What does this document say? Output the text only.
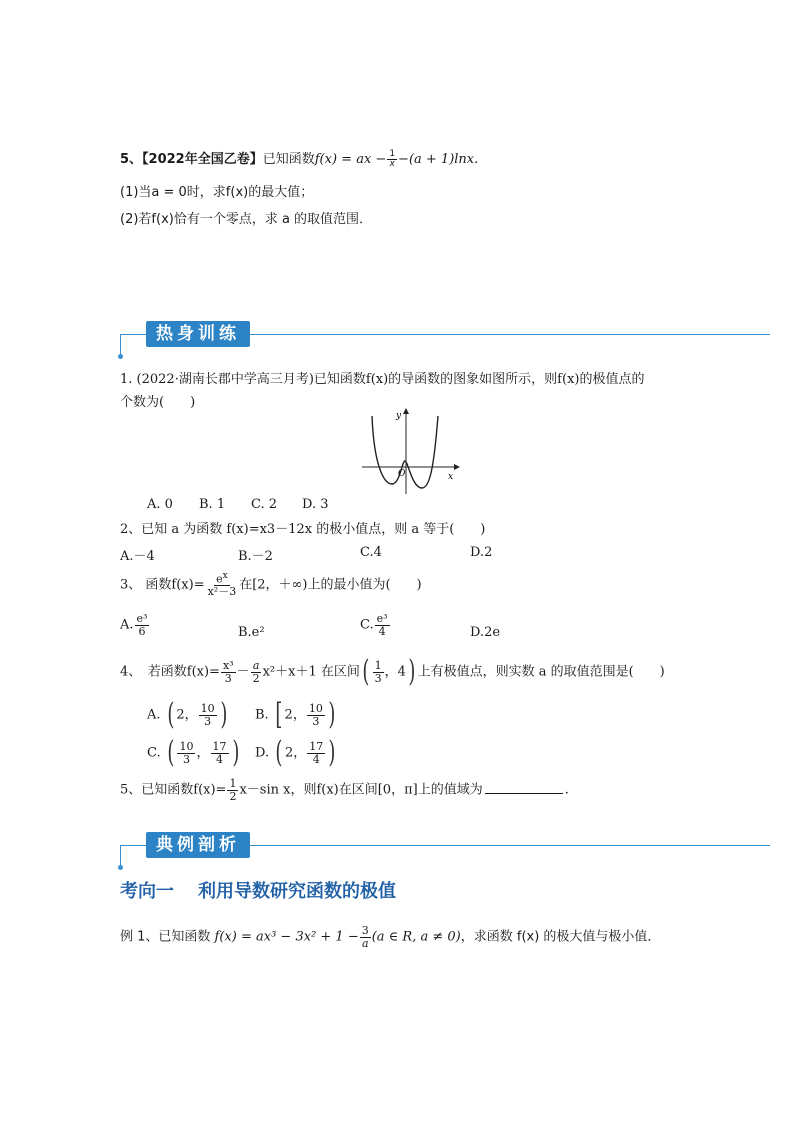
5、【2022年全国乙卷】已知函数f(x) = ax − $\frac{1}{x} -(a + 1)\ln x$.
(1)当a = 0时，求f(x)的最大值；
(2)若f(x)恰有一个零点，求 a 的取值范围．
热身训练
1. (2022·湖南长郡中学高三月考)已知函数f(x)的导函数的图象如图所示，则f(x)的极值点的
个数为(　　)
y
x
O
A. 0 B. 1 C. 2 D. 3
2、已知 a 为函数 f(x)=x3－12x 的极小值点，则 a 等于(　　)
A.－4	B.－2	C.4	D.2
3、 函数$f(x)= \frac{e^x}{\text{x²－3}}$ 在[2，＋∞)上的最小值为(　　)
A. $\frac{\text{e³}}{6}$	B.e²	C. $\frac{\text{e³}}{4}$	D.2e
4、　若函数$f(x)= \frac{\text{x³}}{3} - \frac{a}{2} x^2+x+1$ 在区间( $\frac{1}{3}$ ，4) 上有极值点，则实数 a 的取值范围是(　　)
A. ( 2， $\frac{10}{3}$ ) B. [ 2， $\frac{10}{3}$ )
C. ( $\frac{10}{3}$ ， $\frac{17}{4}$ ) D. ( 2， $\frac{17}{4}$ )
5、已知函数$f(x)= \frac{1}{2} x-\sin$ x，则f(x)在区间[0，π]上的值域为	.
典例剖析
考向一 利用导数研究函数的极值
例 1、已知函数 $f(x) = ax^3 - 3x^2 + 1 - \frac{3}{a} (a$ ∈ R, a ≠ 0)，求函数 f(x) 的极大值与极小值．
